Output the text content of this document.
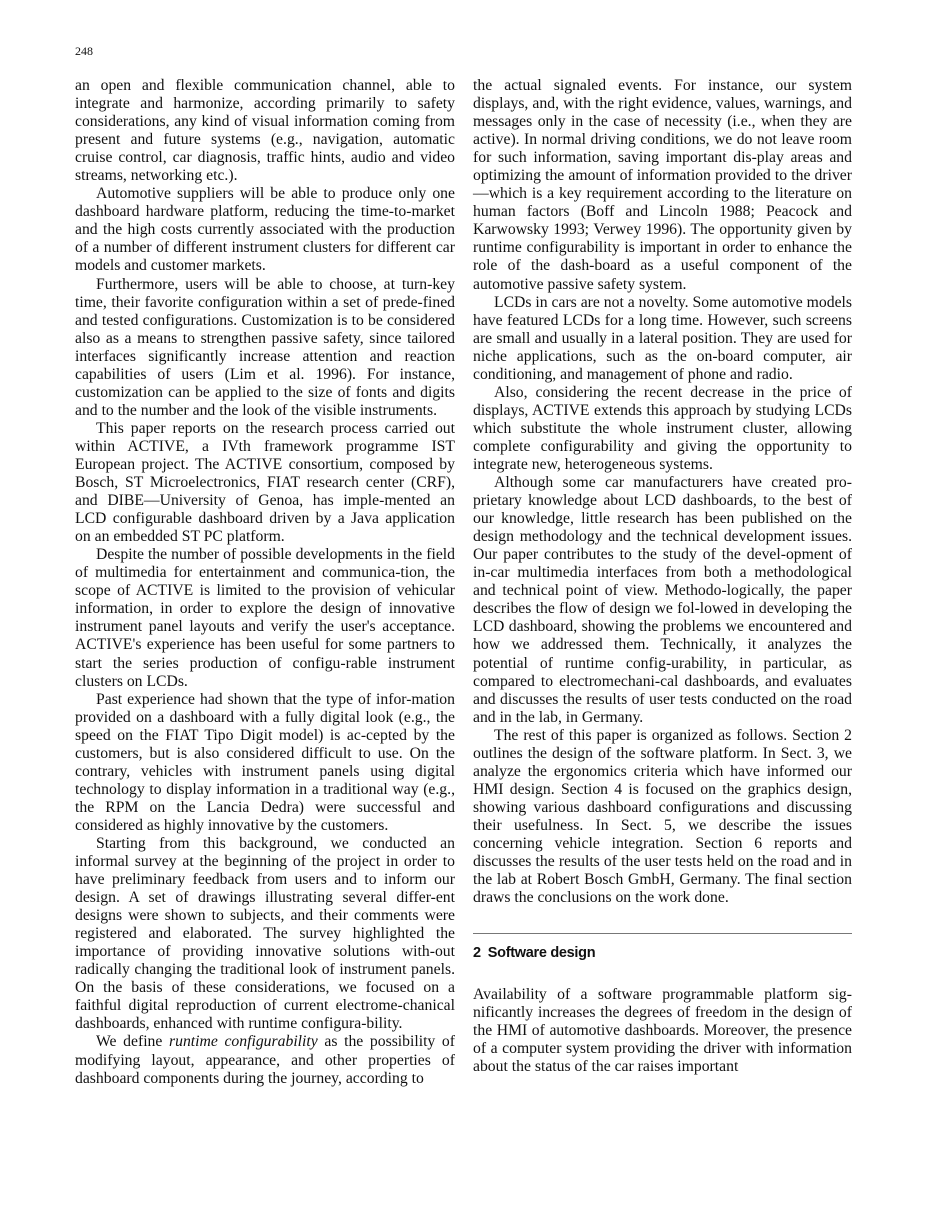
248

an open and flexible communication channel, able to integrate and harmonize, according primarily to safety considerations, any kind of visual information coming from present and future systems (e.g., navigation, automatic cruise control, car diagnosis, traffic hints, audio and video streams, networking etc.).

Automotive suppliers will be able to produce only one dashboard hardware platform, reducing the time-to-market and the high costs currently associated with the production of a number of different instrument clusters for different car models and customer markets.

Furthermore, users will be able to choose, at turn-key time, their favorite configuration within a set of prede-fined and tested configurations. Customization is to be considered also as a means to strengthen passive safety, since tailored interfaces significantly increase attention and reaction capabilities of users (Lim et al. 1996). For instance, customization can be applied to the size of fonts and digits and to the number and the look of the visible instruments.

This paper reports on the research process carried out within ACTIVE, a IVth framework programme IST European project. The ACTIVE consortium, composed by Bosch, ST Microelectronics, FIAT research center (CRF), and DIBE—University of Genoa, has imple-mented an LCD configurable dashboard driven by a Java application on an embedded ST PC platform.

Despite the number of possible developments in the field of multimedia for entertainment and communica-tion, the scope of ACTIVE is limited to the provision of vehicular information, in order to explore the design of innovative instrument panel layouts and verify the user's acceptance. ACTIVE's experience has been useful for some partners to start the series production of configu-rable instrument clusters on LCDs.

Past experience had shown that the type of infor-mation provided on a dashboard with a fully digital look (e.g., the speed on the FIAT Tipo Digit model) is ac-cepted by the customers, but is also considered difficult to use. On the contrary, vehicles with instrument panels using digital technology to display information in a traditional way (e.g., the RPM on the Lancia Dedra) were successful and considered as highly innovative by the customers.

Starting from this background, we conducted an informal survey at the beginning of the project in order to have preliminary feedback from users and to inform our design. A set of drawings illustrating several differ-ent designs were shown to subjects, and their comments were registered and elaborated. The survey highlighted the importance of providing innovative solutions with-out radically changing the traditional look of instrument panels. On the basis of these considerations, we focused on a faithful digital reproduction of current electrome-chanical dashboards, enhanced with runtime configura-bility.

We define runtime configurability as the possibility of modifying layout, appearance, and other properties of dashboard components during the journey, according to

the actual signaled events. For instance, our system displays, and, with the right evidence, values, warnings, and messages only in the case of necessity (i.e., when they are active). In normal driving conditions, we do not leave room for such information, saving important dis-play areas and optimizing the amount of information provided to the driver—which is a key requirement according to the literature on human factors (Boff and Lincoln 1988; Peacock and Karwowsky 1993; Verwey 1996). The opportunity given by runtime configurability is important in order to enhance the role of the dash-board as a useful component of the automotive passive safety system.

LCDs in cars are not a novelty. Some automotive models have featured LCDs for a long time. However, such screens are small and usually in a lateral position. They are used for niche applications, such as the on-board computer, air conditioning, and management of phone and radio.

Also, considering the recent decrease in the price of displays, ACTIVE extends this approach by studying LCDs which substitute the whole instrument cluster, allowing complete configurability and giving the opportunity to integrate new, heterogeneous systems.

Although some car manufacturers have created pro-prietary knowledge about LCD dashboards, to the best of our knowledge, little research has been published on the design methodology and the technical development issues. Our paper contributes to the study of the devel-opment of in-car multimedia interfaces from both a methodological and technical point of view. Methodo-logically, the paper describes the flow of design we fol-lowed in developing the LCD dashboard, showing the problems we encountered and how we addressed them. Technically, it analyzes the potential of runtime config-urability, in particular, as compared to electromechani-cal dashboards, and evaluates and discusses the results of user tests conducted on the road and in the lab, in Germany.

The rest of this paper is organized as follows. Section 2 outlines the design of the software platform. In Sect. 3, we analyze the ergonomics criteria which have informed our HMI design. Section 4 is focused on the graphics design, showing various dashboard configurations and discussing their usefulness. In Sect. 5, we describe the issues concerning vehicle integration. Section 6 reports and discusses the results of the user tests held on the road and in the lab at Robert Bosch GmbH, Germany. The final section draws the conclusions on the work done.

2 Software design

Availability of a software programmable platform sig-nificantly increases the degrees of freedom in the design of the HMI of automotive dashboards. Moreover, the presence of a computer system providing the driver with information about the status of the car raises important
